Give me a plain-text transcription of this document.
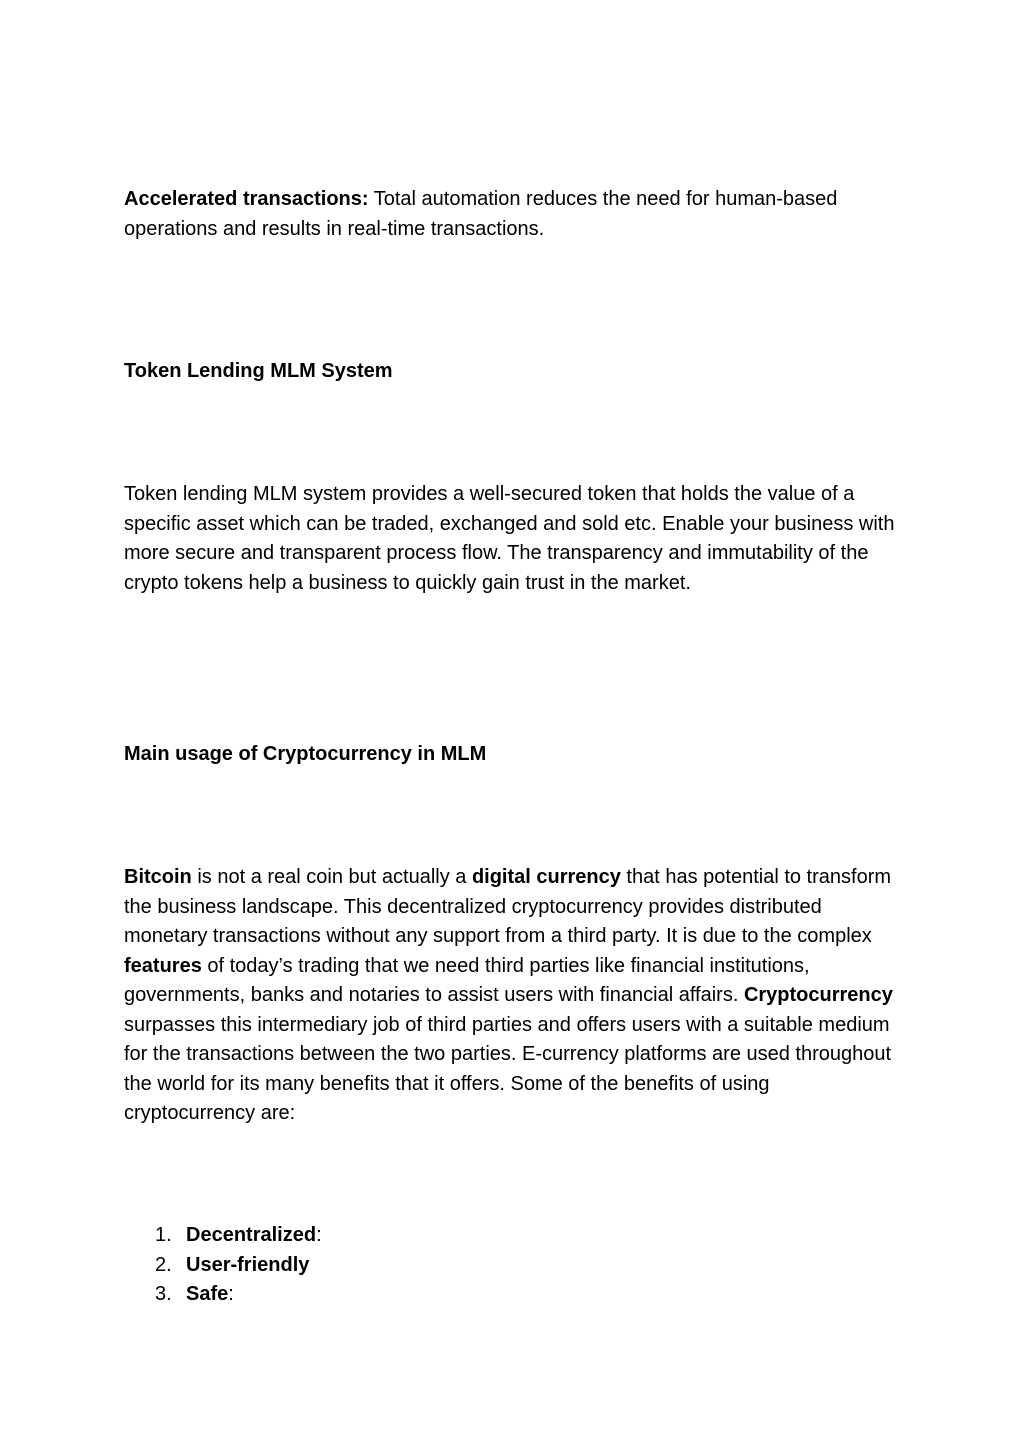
Accelerated transactions: Total automation reduces the need for human-based operations and results in real-time transactions.

Token Lending MLM System

Token lending MLM system provides a well-secured token that holds the value of a specific asset which can be traded, exchanged and sold etc. Enable your business with more secure and transparent process flow. The transparency and immutability of the crypto tokens help a business to quickly gain trust in the market.

Main usage of Cryptocurrency in MLM

Bitcoin is not a real coin but actually a digital currency that has potential to transform the business landscape. This decentralized cryptocurrency provides distributed monetary transactions without any support from a third party. It is due to the complex features of today’s trading that we need third parties like financial institutions, governments, banks and notaries to assist users with financial affairs. Cryptocurrency surpasses this intermediary job of third parties and offers users with a suitable medium for the transactions between the two parties. E-currency platforms are used throughout the world for its many benefits that it offers. Some of the benefits of using cryptocurrency are:

1. Decentralized:
2. User-friendly
3. Safe:
